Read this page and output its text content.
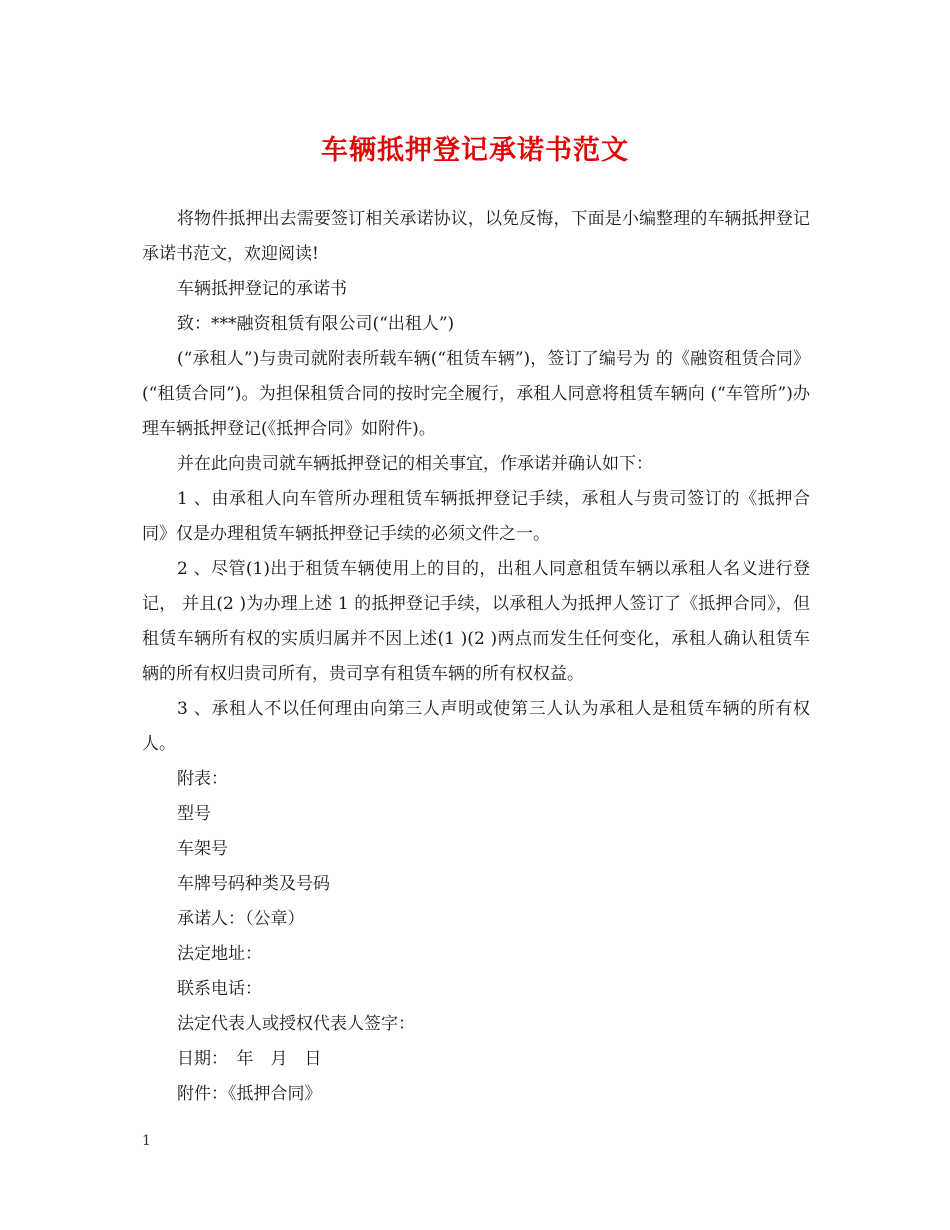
车辆抵押登记承诺书范文

将物件抵押出去需要签订相关承诺协议，以免反悔，下面是小编整理的车辆抵押登记承诺书范文，欢迎阅读!

车辆抵押登记的承诺书

致：***融资租赁有限公司(“出租人”)

(“承租人”)与贵司就附表所载车辆(“租赁车辆”)，签订了编号为 的《融资租赁合同》(“租赁合同”)。为担保租赁合同的按时完全履行，承租人同意将租赁车辆向 (“车管所”)办理车辆抵押登记(《抵押合同》如附件)。

并在此向贵司就车辆抵押登记的相关事宜，作承诺并确认如下：

1 、由承租人向车管所办理租赁车辆抵押登记手续，承租人与贵司签订的《抵押合同》仅是办理租赁车辆抵押登记手续的必须文件之一。

2 、尽管(1)出于租赁车辆使用上的目的，出租人同意租赁车辆以承租人名义进行登记， 并且(2 )为办理上述 1 的抵押登记手续，以承租人为抵押人签订了《抵押合同》，但租赁车辆所有权的实质归属并不因上述(1 )(2 )两点而发生任何变化，承租人确认租赁车辆的所有权归贵司所有，贵司享有租赁车辆的所有权权益。

3 、承租人不以任何理由向第三人声明或使第三人认为承租人是租赁车辆的所有权人。

附表：

型号

车架号

车牌号码种类及号码

承诺人：（公章）

法定地址：

联系电话：

法定代表人或授权代表人签字：

日期：　年　月　日

附件：《抵押合同》

1
